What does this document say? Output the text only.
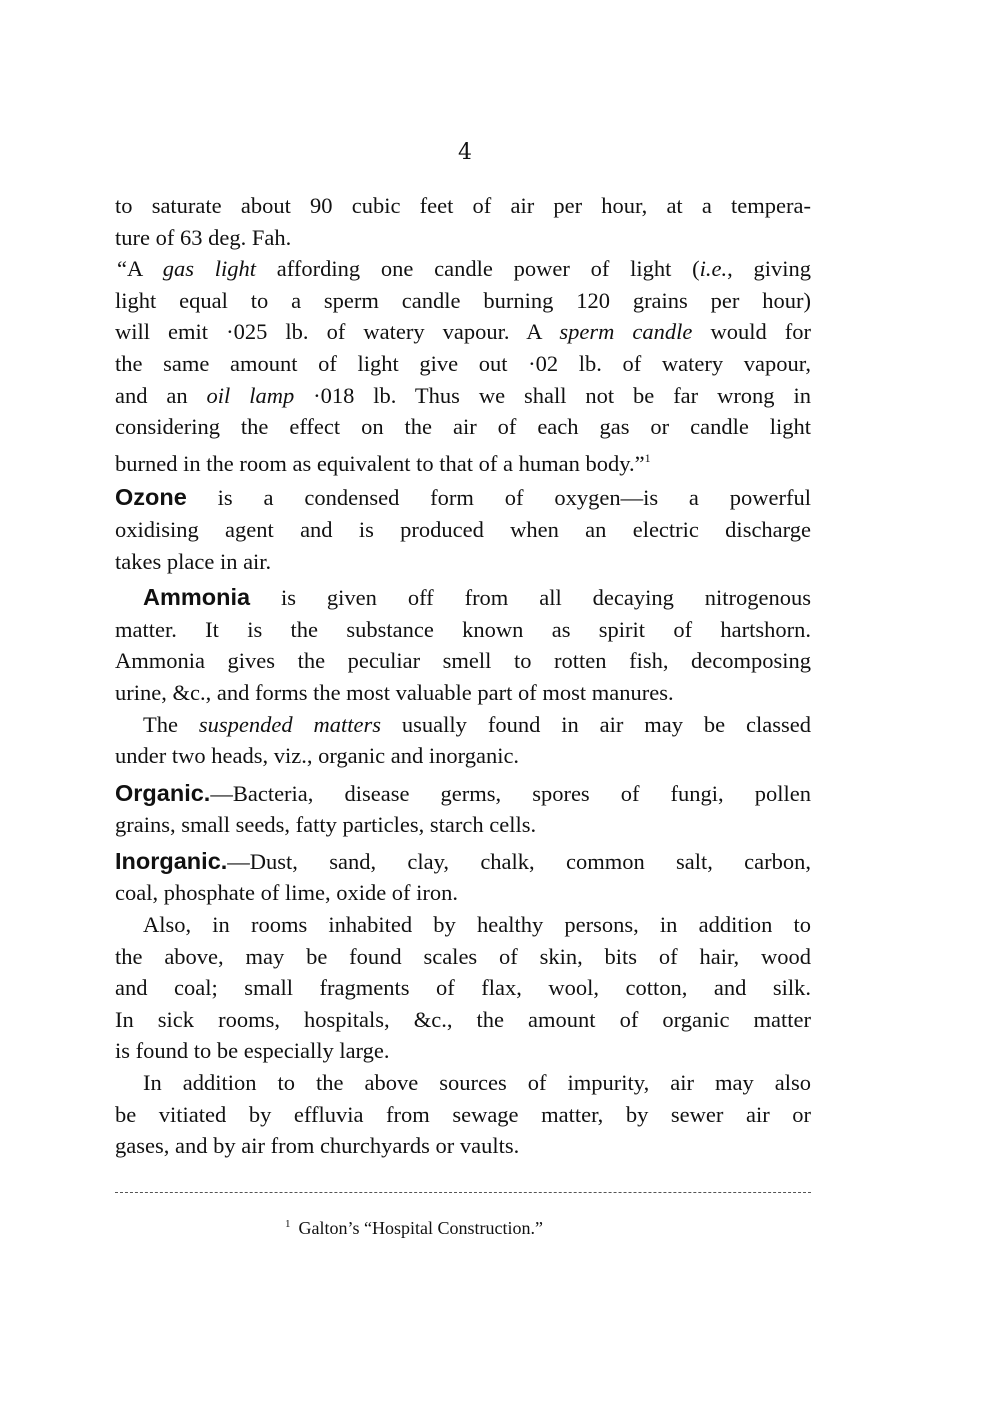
4
to saturate about 90 cubic feet of air per hour, at a tempera-
ture of 63 deg. Fah.
“A gas light affording one candle power of light (i.e., giving
light equal to a sperm candle burning 120 grains per hour)
will emit ·025 lb. of watery vapour. A sperm candle would for
the same amount of light give out ·02 lb. of watery vapour,
and an oil lamp ·018 lb. Thus we shall not be far wrong in
considering the effect on the air of each gas or candle light
burned in the room as equivalent to that of a human body.”$^1$
Ozone is a condensed form of oxygen—is a powerful
oxidising agent and is produced when an electric discharge
takes place in air.
Ammonia is given off from all decaying nitrogenous
matter. It is the substance known as spirit of hartshorn.
Ammonia gives the peculiar smell to rotten fish, decomposing
urine, &c., and forms the most valuable part of most manures.
The suspended matters usually found in air may be classed
under two heads, viz., organic and inorganic.
Organic.—Bacteria, disease germs, spores of fungi, pollen
grains, small seeds, fatty particles, starch cells.
Inorganic.—Dust, sand, clay, chalk, common salt, carbon,
coal, phosphate of lime, oxide of iron.
Also, in rooms inhabited by healthy persons, in addition to
the above, may be found scales of skin, bits of hair, wood
and coal; small fragments of flax, wool, cotton, and silk.
In sick rooms, hospitals, &c., the amount of organic matter
is found to be especially large.
In addition to the above sources of impurity, air may also
be vitiated by effluvia from sewage matter, by sewer air or
gases, and by air from churchyards or vaults.
$^1$ Galton’s “Hospital Construction.”
